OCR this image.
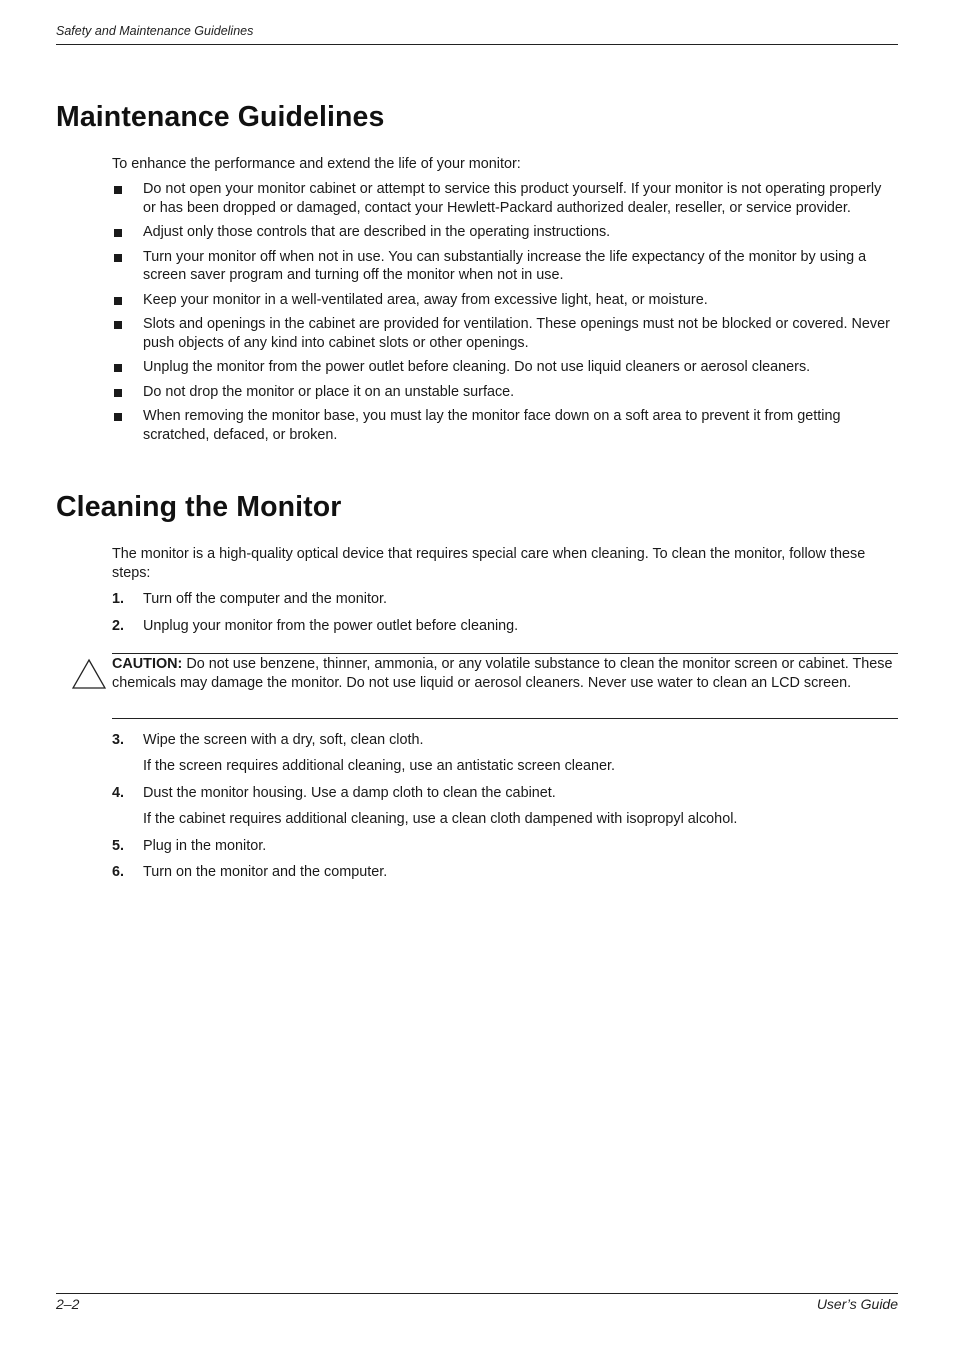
Safety and Maintenance Guidelines
Maintenance Guidelines

To enhance the performance and extend the life of your monitor:

Do not open your monitor cabinet or attempt to service this product yourself. If your monitor is not operating properly or has been dropped or damaged, contact your Hewlett-Packard authorized dealer, reseller, or service provider.
Adjust only those controls that are described in the operating instructions.
Turn your monitor off when not in use. You can substantially increase the life expectancy of the monitor by using a screen saver program and turning off the monitor when not in use.
Keep your monitor in a well-ventilated area, away from excessive light, heat, or moisture.
Slots and openings in the cabinet are provided for ventilation. These openings must not be blocked or covered. Never push objects of any kind into cabinet slots or other openings.
Unplug the monitor from the power outlet before cleaning. Do not use liquid cleaners or aerosol cleaners.
Do not drop the monitor or place it on an unstable surface.
When removing the monitor base, you must lay the monitor face down on a soft area to prevent it from getting scratched, defaced, or broken.
Cleaning the Monitor

The monitor is a high-quality optical device that requires special care when cleaning. To clean the monitor, follow these steps:

1. Turn off the computer and the monitor.
2. Unplug your monitor from the power outlet before cleaning.
CAUTION: Do not use benzene, thinner, ammonia, or any volatile substance to clean the monitor screen or cabinet. These chemicals may damage the monitor. Do not use liquid or aerosol cleaners. Never use water to clean an LCD screen.
3. Wipe the screen with a dry, soft, clean cloth.
If the screen requires additional cleaning, use an antistatic screen cleaner.
4. Dust the monitor housing. Use a damp cloth to clean the cabinet.
If the cabinet requires additional cleaning, use a clean cloth dampened with isopropyl alcohol.
5. Plug in the monitor.
6. Turn on the monitor and the computer.
2–2	User’s Guide
